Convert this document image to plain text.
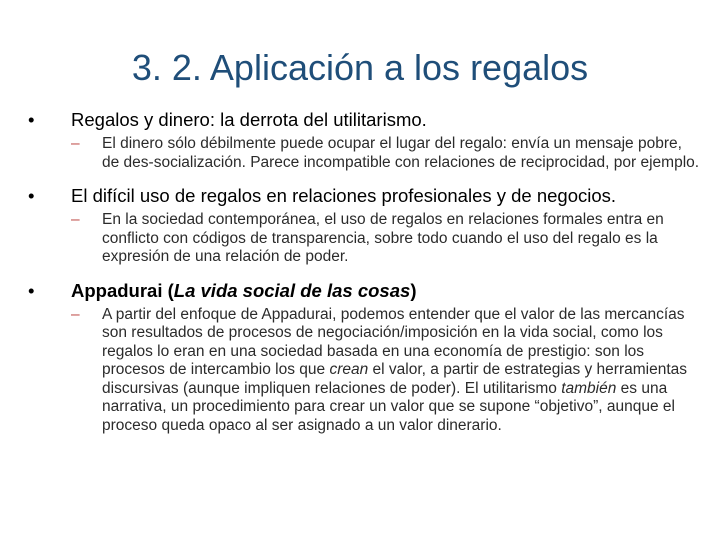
3. 2. Aplicación a los regalos
• Regalos y dinero: la derrota del utilitarismo.
– El dinero sólo débilmente puede ocupar el lugar del regalo: envía un mensaje pobre, de des-socialización. Parece incompatible con relaciones de reciprocidad, por ejemplo.
• El difícil uso de regalos en relaciones profesionales y de negocios.
– En la sociedad contemporánea, el uso de regalos en relaciones formales entra en conflicto con códigos de transparencia, sobre todo cuando el uso del regalo es la expresión de una relación de poder.
• Appadurai (La vida social de las cosas)
– A partir del enfoque de Appadurai, podemos entender que el valor de las mercancías son resultados de procesos de negociación/imposición en la vida social, como los regalos lo eran en una sociedad basada en una economía de prestigio: son los procesos de intercambio los que crean el valor, a partir de estrategias y herramientas discursivas (aunque impliquen relaciones de poder). El utilitarismo también es una narrativa, un procedimiento para crear un valor que se supone “objetivo”, aunque el proceso queda opaco al ser asignado a un valor dinerario.
